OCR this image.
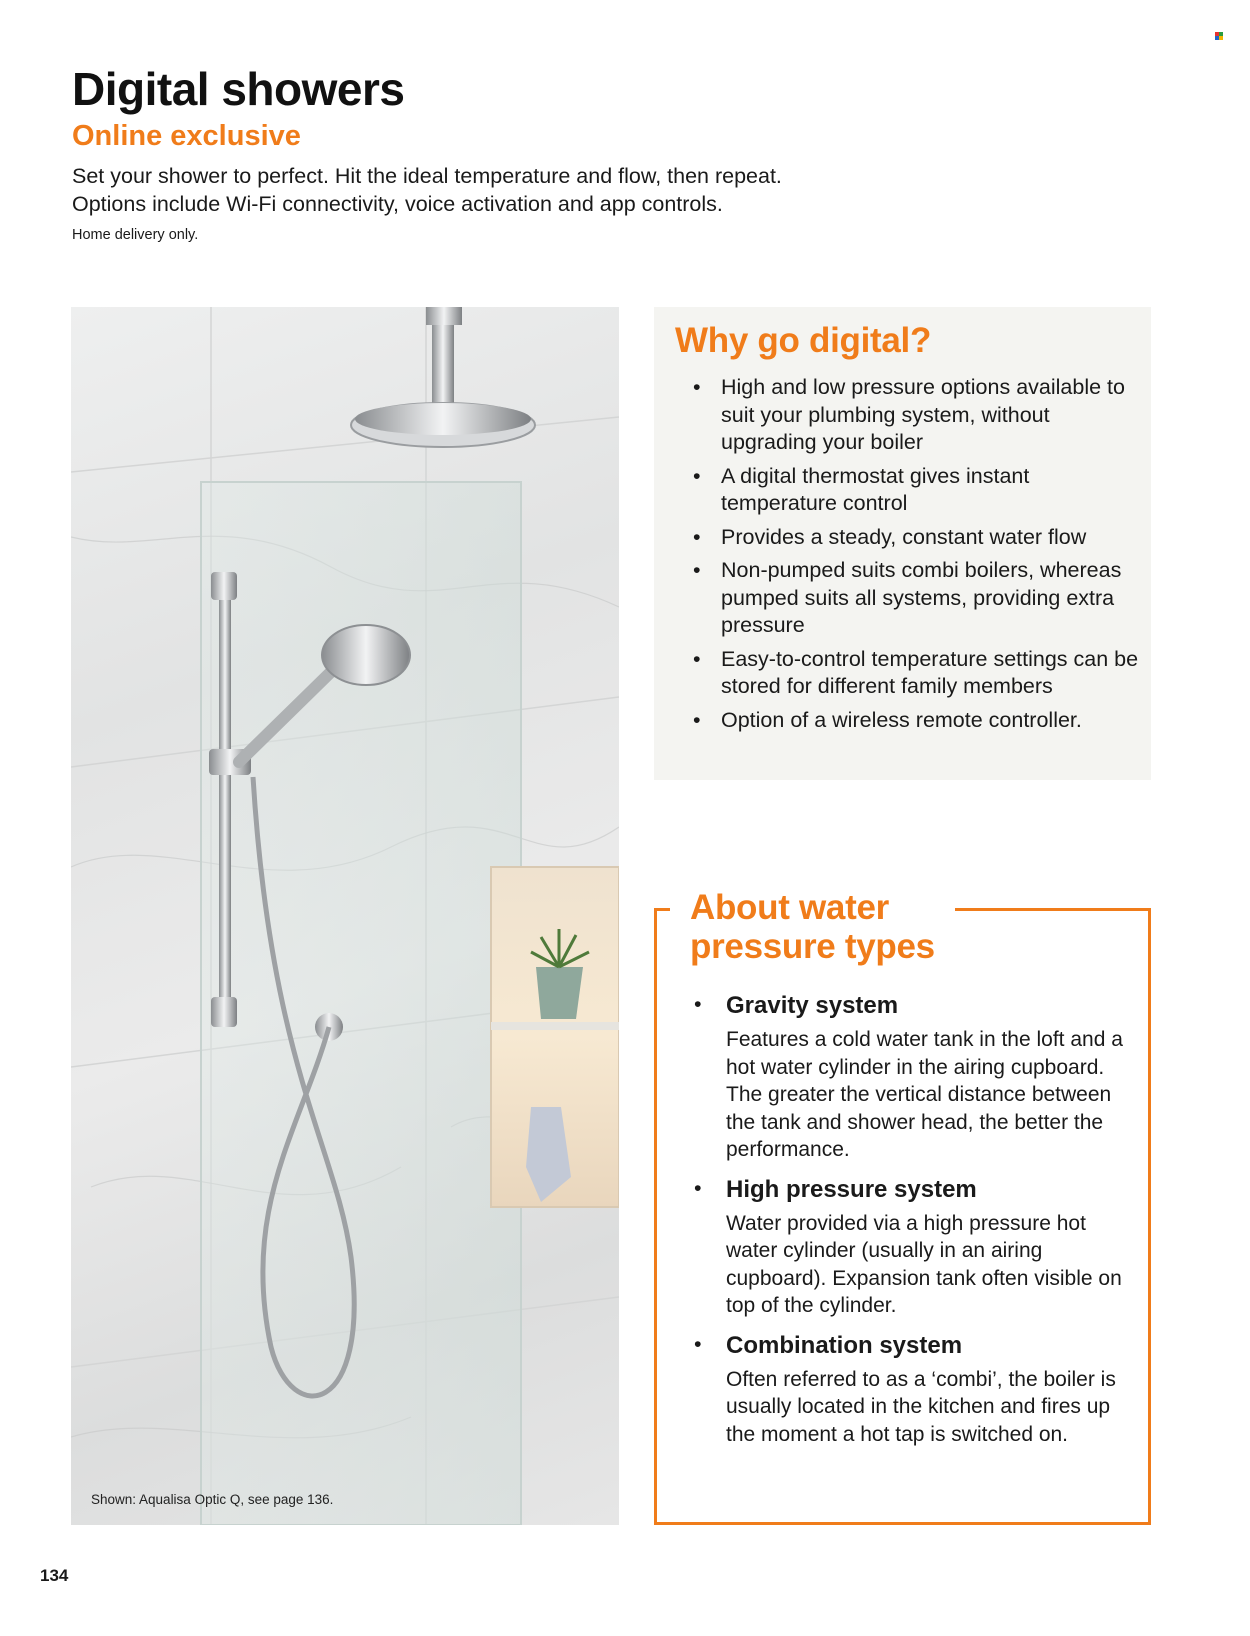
Digital showers
Online exclusive
Set your shower to perfect. Hit the ideal temperature and flow, then repeat.
Options include Wi-Fi connectivity, voice activation and app controls.
Home delivery only.
Shown: Aqualisa Optic Q, see page 136.
Why go digital?
• High and low pressure options available to suit your plumbing system, without upgrading your boiler
• A digital thermostat gives instant temperature control
• Provides a steady, constant water flow
• Non-pumped suits combi boilers, whereas pumped suits all systems, providing extra pressure
• Easy-to-control temperature settings can be stored for different family members
• Option of a wireless remote controller.
About water
pressure types
• Gravity system
Features a cold water tank in the loft and a hot water cylinder in the airing cupboard. The greater the vertical distance between the tank and shower head, the better the performance.
• High pressure system
Water provided via a high pressure hot water cylinder (usually in an airing cupboard). Expansion tank often visible on top of the cylinder.
• Combination system
Often referred to as a ‘combi’, the boiler is usually located in the kitchen and fires up the moment a hot tap is switched on.
134
